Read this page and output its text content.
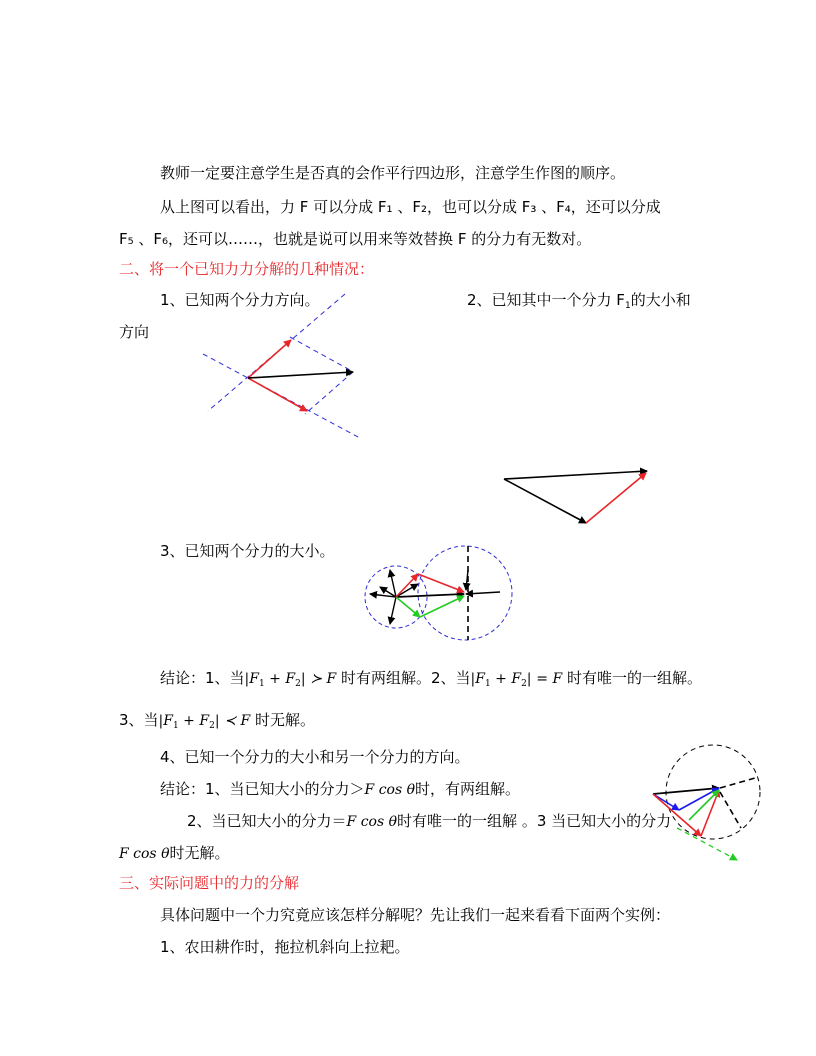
教师一定要注意学生是否真的会作平行四边形，注意学生作图的顺序。
从上图可以看出，力 F 可以分成 F₁ 、F₂，也可以分成 F₃ 、F₄，还可以分成
F₅ 、F₆，还可以……，也就是说可以用来等效替换 F 的分力有无数对。
二、将一个已知力力分解的几种情况：
1、已知两个分力方向。	2、已知其中一个分力 $F_1$的大小和
方向
3、已知两个分力的大小。
结论：1、当$|F_1 + F_2|$ ≻ F 时有两组解。2、当$|F_1 + F_2| = F$ 时有唯一的一组解。
3、当$|F_1 + F_2|$ ≺ F 时无解。
4、已知一个分力的大小和另一个分力的方向。
结论：1、当已知大小的分力＞F cos θ时，有两组解。
2、当已知大小的分力＝F cos θ时有唯一的一组解 。3 当已知大小的分力
F cos θ时无解。
三、实际问题中的力的分解
具体问题中一个力究竟应该怎样分解呢？先让我们一起来看看下面两个实例：
1、农田耕作时，拖拉机斜向上拉耙。
